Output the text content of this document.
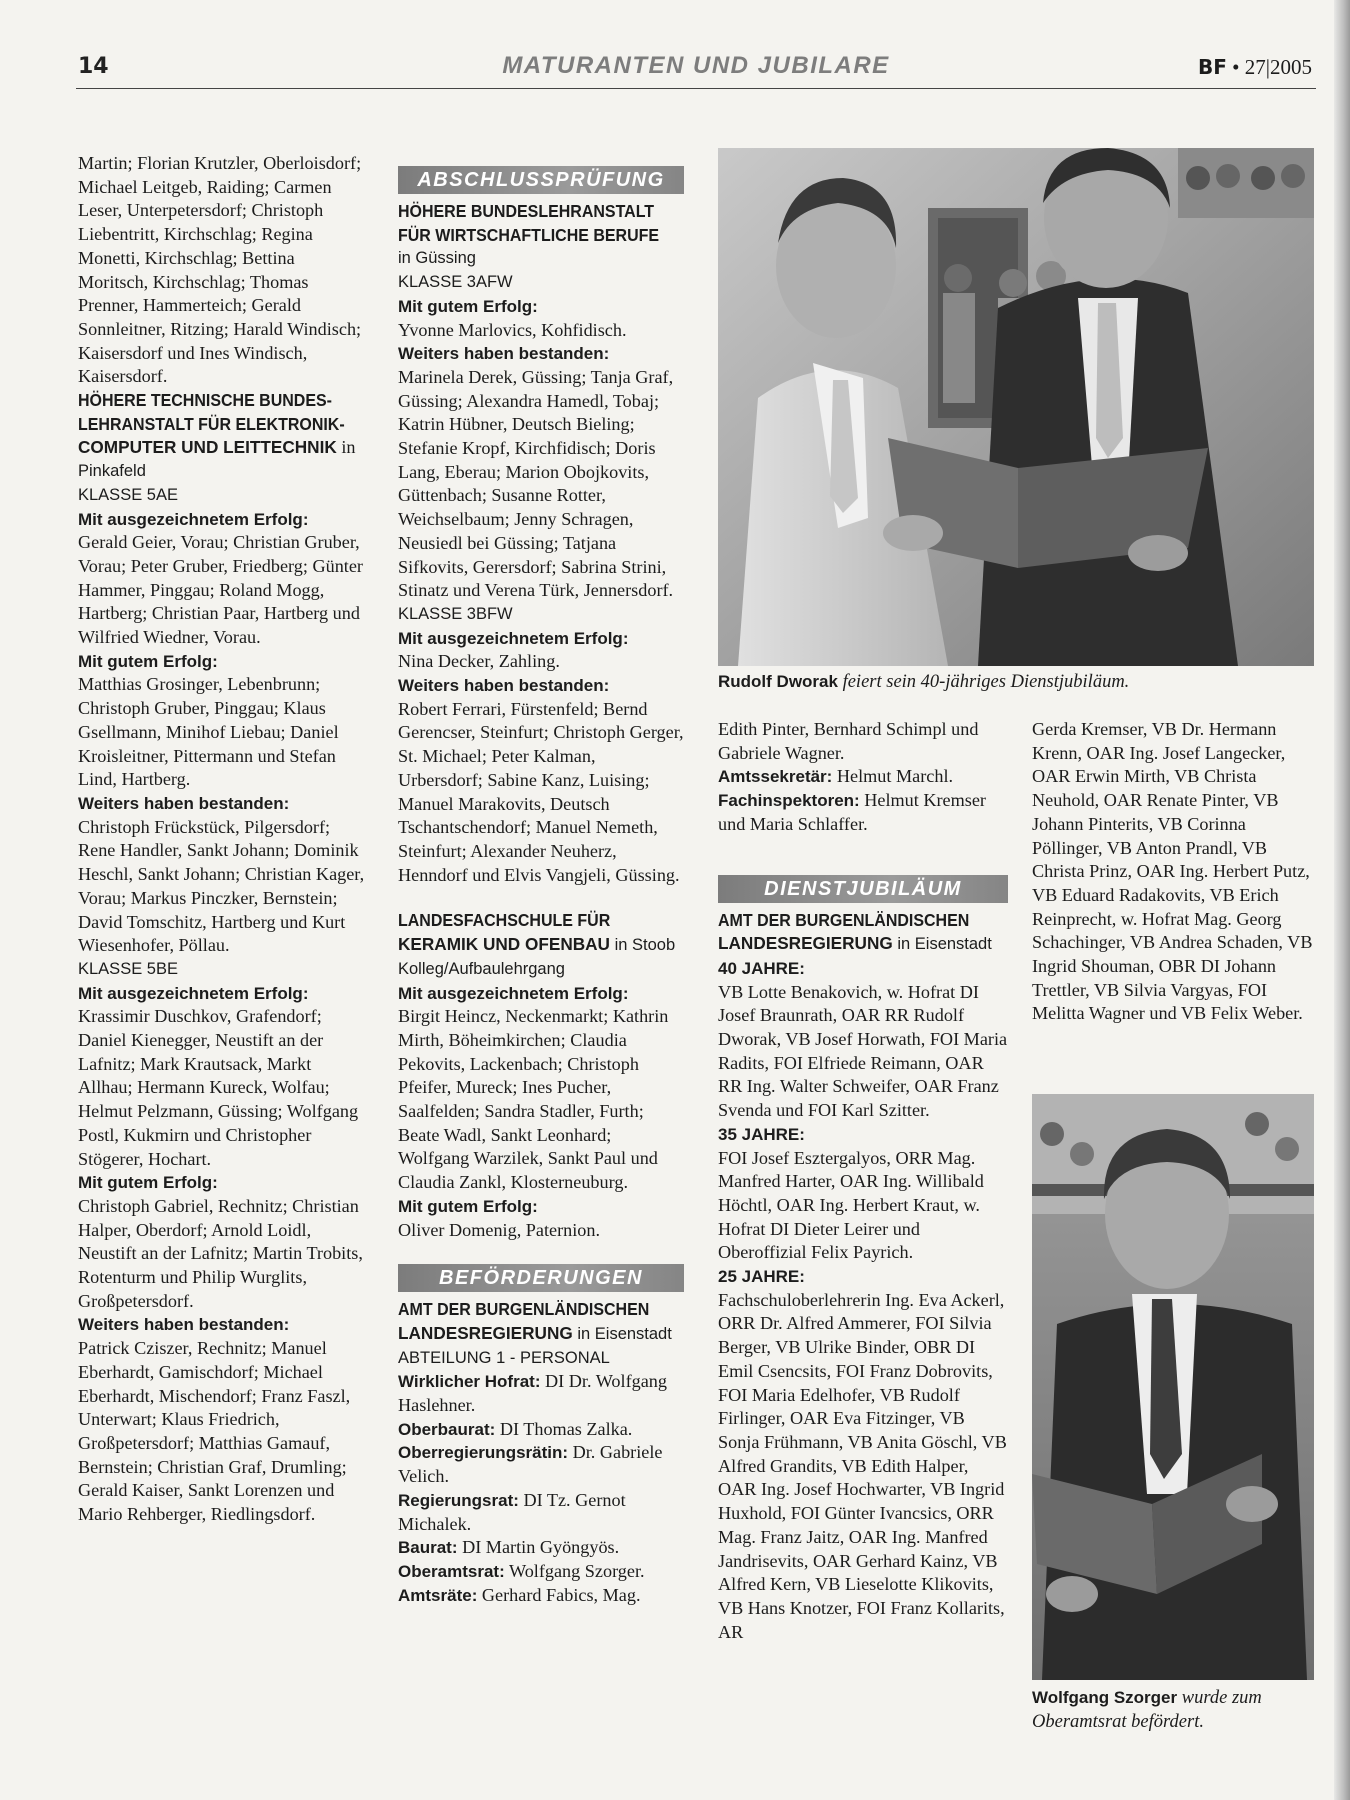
14	MATURANTEN UND JUBILARE	BF • 27|2005

Martin; Florian Krutzler, Oberloisdorf; Michael Leitgeb, Raiding; Carmen Leser, Unterpetersdorf; Christoph Liebentritt, Kirchschlag; Regina Monetti, Kirchschlag; Bettina Moritsch, Kirchschlag; Thomas Prenner, Hammerteich; Gerald Sonnleitner, Ritzing; Harald Windisch; Kaisersdorf und Ines Windisch, Kaisersdorf.

HÖHERE TECHNISCHE BUNDES-
LEHRANSTALT FÜR ELEKTRONIK-
COMPUTER UND LEITTECHNIK in
Pinkafeld
KLASSE 5AE
Mit ausgezeichnetem Erfolg:

Gerald Geier, Vorau; Christian Gruber, Vorau; Peter Gruber, Friedberg; Günter Hammer, Pinggau; Roland Mogg, Hartberg; Christian Paar, Hartberg und Wilfried Wiedner, Vorau.

Mit gutem Erfolg:

Matthias Grosinger, Lebenbrunn; Christoph Gruber, Pinggau; Klaus Gsellmann, Minihof Liebau; Daniel Kroisleitner, Pittermann und Stefan Lind, Hartberg.

Weiters haben bestanden:

Christoph Frückstück, Pilgersdorf; Rene Handler, Sankt Johann; Dominik Heschl, Sankt Johann; Christian Kager, Vorau; Markus Pinczker, Bernstein; David Tomschitz, Hartberg und Kurt Wiesenhofer, Pöllau.

KLASSE 5BE
Mit ausgezeichnetem Erfolg:

Krassimir Duschkov, Grafendorf; Daniel Kienegger, Neustift an der Lafnitz; Mark Krautsack, Markt Allhau; Hermann Kureck, Wolfau; Helmut Pelzmann, Güssing; Wolfgang Postl, Kukmirn und Christopher Stögerer, Hochart.

Mit gutem Erfolg:

Christoph Gabriel, Rechnitz; Christian Halper, Oberdorf; Arnold Loidl, Neustift an der Lafnitz; Martin Trobits, Rotenturm und Philip Wurglits, Großpetersdorf.

Weiters haben bestanden:

Patrick Cziszer, Rechnitz; Manuel Eberhardt, Gamischdorf; Michael Eberhardt, Mischendorf; Franz Faszl, Unterwart; Klaus Friedrich, Großpetersdorf; Matthias Gamauf, Bernstein; Christian Graf, Drumling; Gerald Kaiser, Sankt Lorenzen und Mario Rehberger, Riedlingsdorf.

ABSCHLUSSPRÜFUNG
HÖHERE BUNDESLEHRANSTALT
FÜR WIRTSCHAFTLICHE BERUFE
in Güssing
KLASSE 3AFW
Mit gutem Erfolg:

Yvonne Marlovics, Kohfidisch.

Weiters haben bestanden:

Marinela Derek, Güssing; Tanja Graf, Güssing; Alexandra Hamedl, Tobaj; Katrin Hübner, Deutsch Bieling; Stefanie Kropf, Kirchfidisch; Doris Lang, Eberau; Marion Obojkovits, Güttenbach; Susanne Rotter, Weichselbaum; Jenny Schragen, Neusiedl bei Güssing; Tatjana Sifkovits, Gerersdorf; Sabrina Strini, Stinatz und Verena Türk, Jennersdorf.

KLASSE 3BFW
Mit ausgezeichnetem Erfolg:

Nina Decker, Zahling.

Weiters haben bestanden:

Robert Ferrari, Fürstenfeld; Bernd Gerencser, Steinfurt; Christoph Gerger, St. Michael; Peter Kalman, Urbersdorf; Sabine Kanz, Luising; Manuel Marakovits, Deutsch Tschantschendorf; Manuel Nemeth, Steinfurt; Alexander Neuherz, Henndorf und Elvis Vangjeli, Güssing.

LANDESFACHSCHULE FÜR
KERAMIK UND OFENBAU in Stoob
Kolleg/Aufbaulehrgang
Mit ausgezeichnetem Erfolg:

Birgit Heincz, Neckenmarkt; Kathrin Mirth, Böheimkirchen; Claudia Pekovits, Lackenbach; Christoph Pfeifer, Mureck; Ines Pucher, Saalfelden; Sandra Stadler, Furth; Beate Wadl, Sankt Leonhard; Wolfgang Warzilek, Sankt Paul und Claudia Zankl, Klosterneuburg.

Mit gutem Erfolg:

Oliver Domenig, Paternion.

BEFÖRDERUNGEN
AMT DER BURGENLÄNDISCHEN
LANDESREGIERUNG in Eisenstadt
ABTEILUNG 1 - PERSONAL

Wirklicher Hofrat: DI Dr. Wolfgang Haslehner.

Oberbaurat: DI Thomas Zalka.

Oberregierungsrätin: Dr. Gabriele Velich.

Regierungsrat: DI Tz. Gernot Michalek.

Baurat: DI Martin Gyöngyös.

Oberamtsrat: Wolfgang Szorger.

Amtsräte: Gerhard Fabics, Mag.

Rudolf Dworak feiert sein 40-jähriges Dienstjubiläum.

Edith Pinter, Bernhard Schimpl und Gabriele Wagner.

Amtssekretär: Helmut Marchl.

Fachinspektoren: Helmut Kremser und Maria Schlaffer.

DIENSTJUBILÄUM
AMT DER BURGENLÄNDISCHEN
LANDESREGIERUNG in Eisenstadt
40 JAHRE:

VB Lotte Benakovich, w. Hofrat DI Josef Braunrath, OAR RR Rudolf Dworak, VB Josef Horwath, FOI Maria Radits, FOI Elfriede Reimann, OAR RR Ing. Walter Schweifer, OAR Franz Svenda und FOI Karl Szitter.

35 JAHRE:

FOI Josef Esztergalyos, ORR Mag. Manfred Harter, OAR Ing. Willibald Höchtl, OAR Ing. Herbert Kraut, w. Hofrat DI Dieter Leirer und Oberoffizial Felix Payrich.

25 JAHRE:

Fachschuloberlehrerin Ing. Eva Ackerl, ORR Dr. Alfred Ammerer, FOI Silvia Berger, VB Ulrike Binder, OBR DI Emil Csencsits, FOI Franz Dobrovits, FOI Maria Edelhofer, VB Rudolf Firlinger, OAR Eva Fitzinger, VB Sonja Frühmann, VB Anita Göschl, VB Alfred Grandits, VB Edith Halper, OAR Ing. Josef Hochwarter, VB Ingrid Huxhold, FOI Günter Ivancsics, ORR Mag. Franz Jaitz, OAR Ing. Manfred Jandrisevits, OAR Gerhard Kainz, VB Alfred Kern, VB Lieselotte Klikovits, VB Hans Knotzer, FOI Franz Kollarits, AR

Gerda Kremser, VB Dr. Hermann Krenn, OAR Ing. Josef Langecker, OAR Erwin Mirth, VB Christa Neuhold, OAR Renate Pinter, VB Johann Pinterits, VB Corinna Pöllinger, VB Anton Prandl, VB Christa Prinz, OAR Ing. Herbert Putz, VB Eduard Radakovits, VB Erich Reinprecht, w. Hofrat Mag. Georg Schachinger, VB Andrea Schaden, VB Ingrid Shouman, OBR DI Johann Trettler, VB Silvia Vargyas, FOI Melitta Wagner und VB Felix Weber.

Wolfgang Szorger wurde zum Oberamtsrat befördert.
